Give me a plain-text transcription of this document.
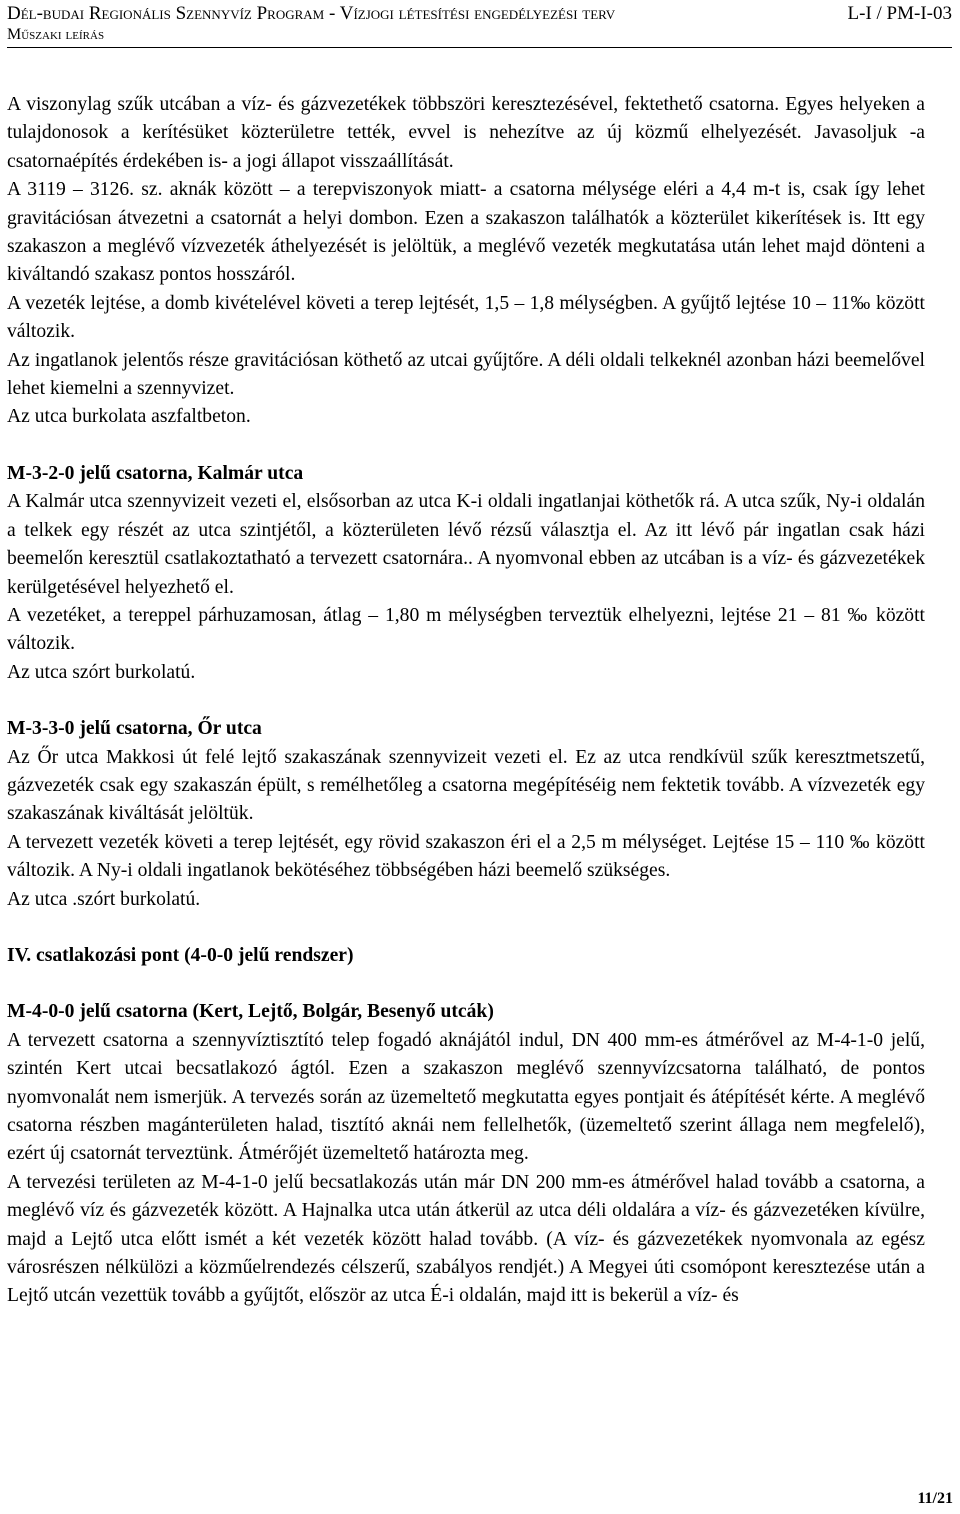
Dél-budai Regionális Szennyvíz Program - Vízjogi létesítési engedélyezési terv	L-I / PM-I-03
Műszaki leírás

A viszonylag szűk utcában a víz- és gázvezetékek többszöri keresztezésével, fektethető csatorna. Egyes helyeken a tulajdonosok a kerítésüket közterületre tették, evvel is nehezítve az új közmű elhelyezését. Javasoljuk -a csatornaépítés érdekében is- a jogi állapot visszaállítását.

A 3119 – 3126. sz. aknák között – a terepviszonyok miatt- a csatorna mélysége eléri a 4,4 m-t is, csak így lehet gravitációsan átvezetni a csatornát a helyi dombon. Ezen a szakaszon találhatók a közterület kikerítések is. Itt egy szakaszon a meglévő vízvezeték áthelyezését is jelöltük, a meglévő vezeték megkutatása után lehet majd dönteni a kiváltandó szakasz pontos hosszáról.

A vezeték lejtése, a domb kivételével követi a terep lejtését, 1,5 – 1,8 mélységben. A gyűjtő lejtése 10 – 11‰ között változik.

Az ingatlanok jelentős része gravitációsan köthető az utcai gyűjtőre. A déli oldali telkeknél azonban házi beemelővel lehet kiemelni a szennyvizet.

Az utca burkolata aszfaltbeton.

M-3-2-0 jelű csatorna, Kalmár utca

A Kalmár utca szennyvizeit vezeti el, elsősorban az utca K-i oldali ingatlanjai köthetők rá. A utca szűk, Ny-i oldalán a telkek egy részét az utca szintjétől, a közterületen lévő rézsű választja el. Az itt lévő pár ingatlan csak házi beemelőn keresztül csatlakoztatható a tervezett csatornára.. A nyomvonal ebben az utcában is a víz- és gázvezetékek kerülgetésével helyezhető el.

A vezetéket, a tereppel párhuzamosan, átlag – 1,80 m mélységben terveztük elhelyezni, lejtése 21 – 81 ‰ között változik.

Az utca szórt burkolatú.

M-3-3-0 jelű csatorna, Őr utca

Az Őr utca Makkosi út felé lejtő szakaszának szennyvizeit vezeti el. Ez az utca rendkívül szűk keresztmetszetű, gázvezeték csak egy szakaszán épült, s remélhetőleg a csatorna megépítéséig nem fektetik tovább. A vízvezeték egy szakaszának kiváltását jelöltük.

A tervezett vezeték követi a terep lejtését, egy rövid szakaszon éri el a 2,5 m mélységet. Lejtése 15 – 110 ‰ között változik. A Ny-i oldali ingatlanok bekötéséhez többségében házi beemelő szükséges.

Az utca .szórt burkolatú.

IV. csatlakozási pont (4-0-0 jelű rendszer)

M-4-0-0 jelű csatorna (Kert, Lejtő, Bolgár, Besenyő utcák)

A tervezett csatorna a szennyvíztisztító telep fogadó aknájától indul, DN 400 mm-es átmérővel az M-4-1-0 jelű, szintén Kert utcai becsatlakozó ágtól. Ezen a szakaszon meglévő szennyvízcsatorna található, de pontos nyomvonalát nem ismerjük. A tervezés során az üzemeltető megkutatta egyes pontjait és átépítését kérte. A meglévő csatorna részben magánterületen halad, tisztító aknái nem fellelhetők, (üzemeltető szerint állaga nem megfelelő), ezért új csatornát terveztünk. Átmérőjét üzemeltető határozta meg.

A tervezési területen az M-4-1-0 jelű becsatlakozás után már DN 200 mm-es átmérővel halad tovább a csatorna, a meglévő víz és gázvezeték között. A Hajnalka utca után átkerül az utca déli oldalára a víz- és gázvezetéken kívülre, majd a Lejtő utca előtt ismét a két vezeték között halad tovább. (A víz- és gázvezetékek nyomvonala az egész városrészen nélkülözi a közműelrendezés célszerű, szabályos rendjét.) A Megyei úti csomópont keresztezése után a Lejtő utcán vezettük tovább a gyűjtőt, először az utca É-i oldalán, majd itt is bekerül a víz- és

11/21
